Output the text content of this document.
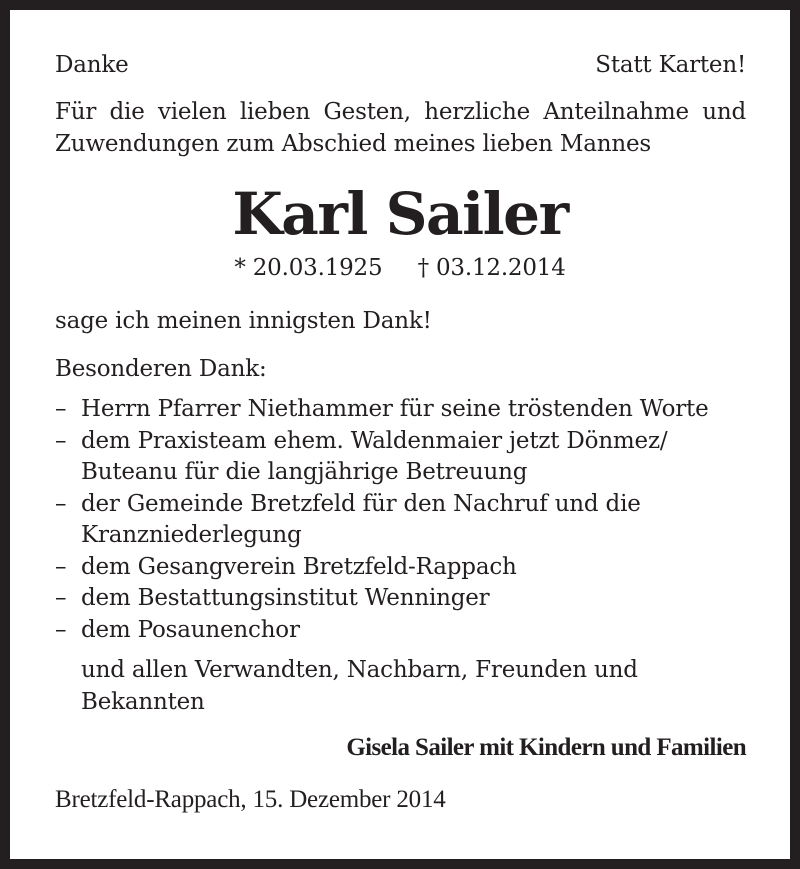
Danke	Statt Karten!
Für die vielen lieben Gesten, herzliche Anteilnahme und Zuwendungen zum Abschied meines lieben Mannes
Karl Sailer
* 20.03.1925 † 03.12.2014
sage ich meinen innigsten Dank!
Besonderen Dank:
– Herrn Pfarrer Niethammer für seine tröstenden Worte
– dem Praxisteam ehem. Waldenmaier jetzt Dönmez/ Buteanu für die langjährige Betreuung
– der Gemeinde Bretzfeld für den Nachruf und die Kranzniederlegung
– dem Gesangverein Bretzfeld-Rappach
– dem Bestattungsinstitut Wenninger
– dem Posaunenchor
und allen Verwandten, Nachbarn, Freunden und Bekannten
Gisela Sailer mit Kindern und Familien
Bretzfeld-Rappach, 15. Dezember 2014
